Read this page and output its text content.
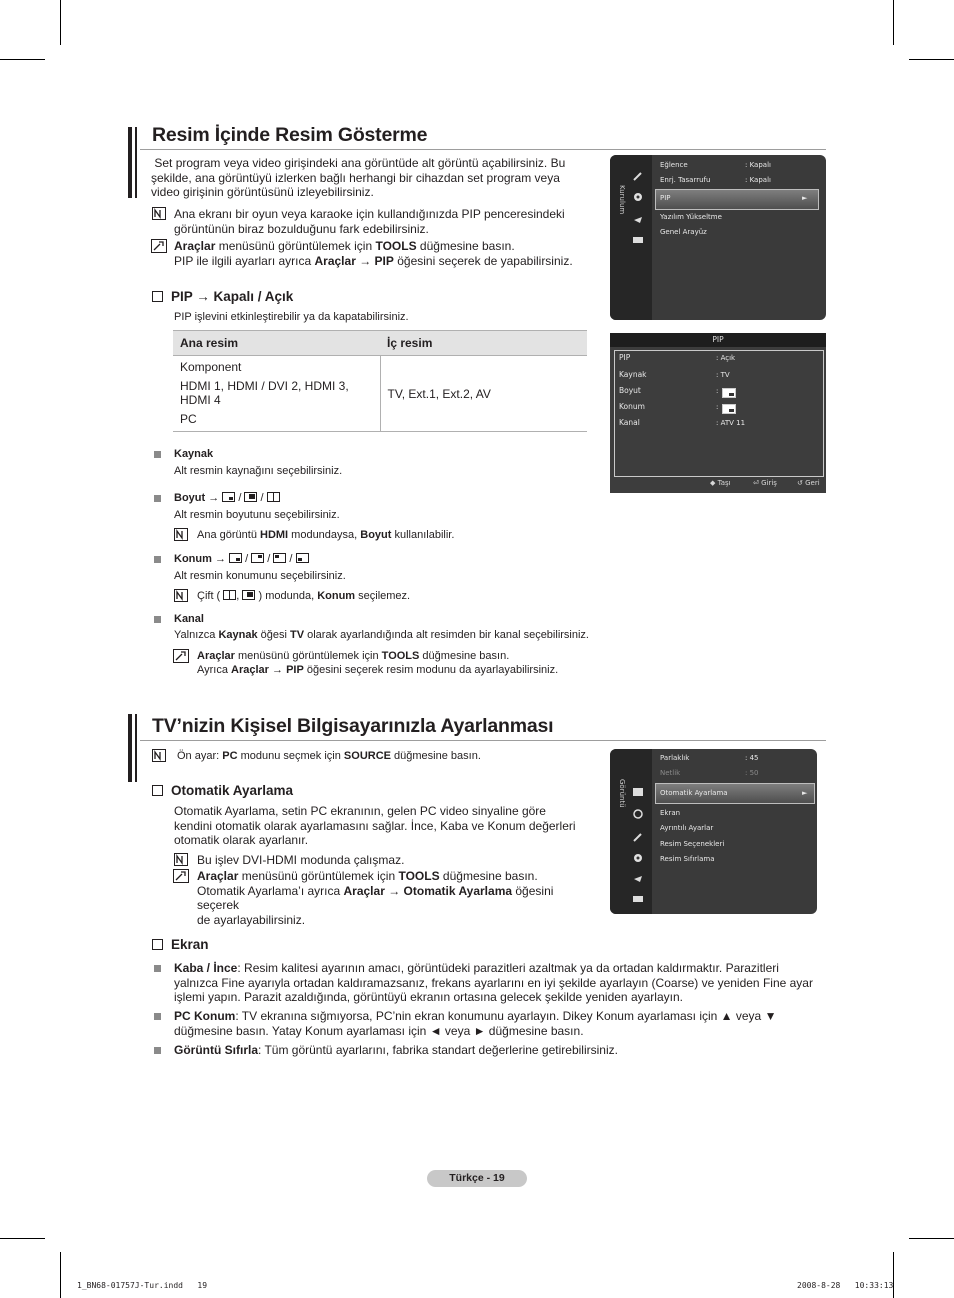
Resim İçinde Resim Gösterme
Set program veya video girişindeki ana görüntüde alt görüntü açabilirsiniz. Bu şekilde, ana görüntüyü izlerken bağlı herhangi bir cihazdan set program veya video girişinin görüntüsünü izleyebilirsiniz.
Ana ekranı bir oyun veya karaoke için kullandığınızda PIP penceresindeki görüntünün biraz bozulduğunu fark edebilirsiniz.
Araçlar menüsünü görüntülemek için TOOLS düğmesine basın.
PIP ile ilgili ayarları ayrıca Araçlar → PIP öğesini seçerek de yapabilirsiniz.
PIP → Kapalı / Açık
PIP işlevini etkinleştirebilir ya da kapatabilirsiniz.
Ana resim	İç resim

Komponent
HDMI 1, HDMI / DVI 2, HDMI 3, HDMI 4
PC	TV, Ext.1, Ext.2, AV
Kaynak
Alt resmin kaynağını seçebilirsiniz.
Boyut →
/
/

Alt resmin boyutunu seçebilirsiniz.
Ana görüntü HDMI modundaysa, Boyut kullanılabilir.
Konum →
/
/
/

Alt resmin konumunu seçebilirsiniz.
Çift ( ,
) modunda, Konum seçilemez.
Kanal
Yalnızca Kaynak öğesi TV olarak ayarlandığında alt resimden bir kanal seçebilirsiniz.
Araçlar menüsünü görüntülemek için TOOLS düğmesine basın.
Ayrıca Araçlar → PIP öğesini seçerek resim modunu da ayarlayabilirsiniz.
Kurulum
Eğlence	: Kapalı
Enrj. Tasarrufu	: Kapalı
PIP	►
Yazılım Yükseltme
Genel Arayüz
PIP
PIP	: Açık
Kaynak	: TV
Boyut	:
Konum	:
Kanal	: ATV 11
◆ Taşı	⏎ Giriş	↺ Geri
TV’nizin Kişisel Bilgisayarınızla Ayarlanması
Ön ayar: PC modunu seçmek için SOURCE düğmesine basın.
Otomatik Ayarlama
Otomatik Ayarlama, setin PC ekranının, gelen PC video sinyaline göre kendini otomatik olarak ayarlamasını sağlar. İnce, Kaba ve Konum değerleri otomatik olarak ayarlanır.
Bu işlev DVI-HDMI modunda çalışmaz.
Araçlar menüsünü görüntülemek için TOOLS düğmesine basın.
Otomatik Ayarlama’ı ayrıca Araçlar → Otomatik Ayarlama öğesini seçerek
de ayarlayabilirsiniz.
Görüntü
Parlaklık	: 45
Netlik	: 50
Otomatik Ayarlama	►
Ekran
Ayrıntılı Ayarlar
Resim Seçenekleri
Resim Sıfırlama
Ekran
Kaba / İnce: Resim kalitesi ayarının amacı, görüntüdeki parazitleri azaltmak ya da ortadan kaldırmaktır. Parazitleri yalnızca Fine ayarıyla ortadan kaldıramazsanız, frekans ayarlarını en iyi şekilde ayarlayın (Coarse) ve yeniden Fine ayar işlemi yapın. Parazit azaldığında, görüntüyü ekranın ortasına gelecek şekilde yeniden ayarlayın.
PC Konum: TV ekranına sığmıyorsa, PC’nin ekran konumunu ayarlayın. Dikey Konum ayarlaması için ▲ veya ▼ düğmesine basın. Yatay Konum ayarlaması için ◄ veya ► düğmesine basın.
Görüntü Sıfırla: Tüm görüntü ayarlarını, fabrika standart değerlerine getirebilirsiniz.
Türkçe - 19
1_BN68-01757J-Tur.indd   19	2008-8-28   10:33:13
